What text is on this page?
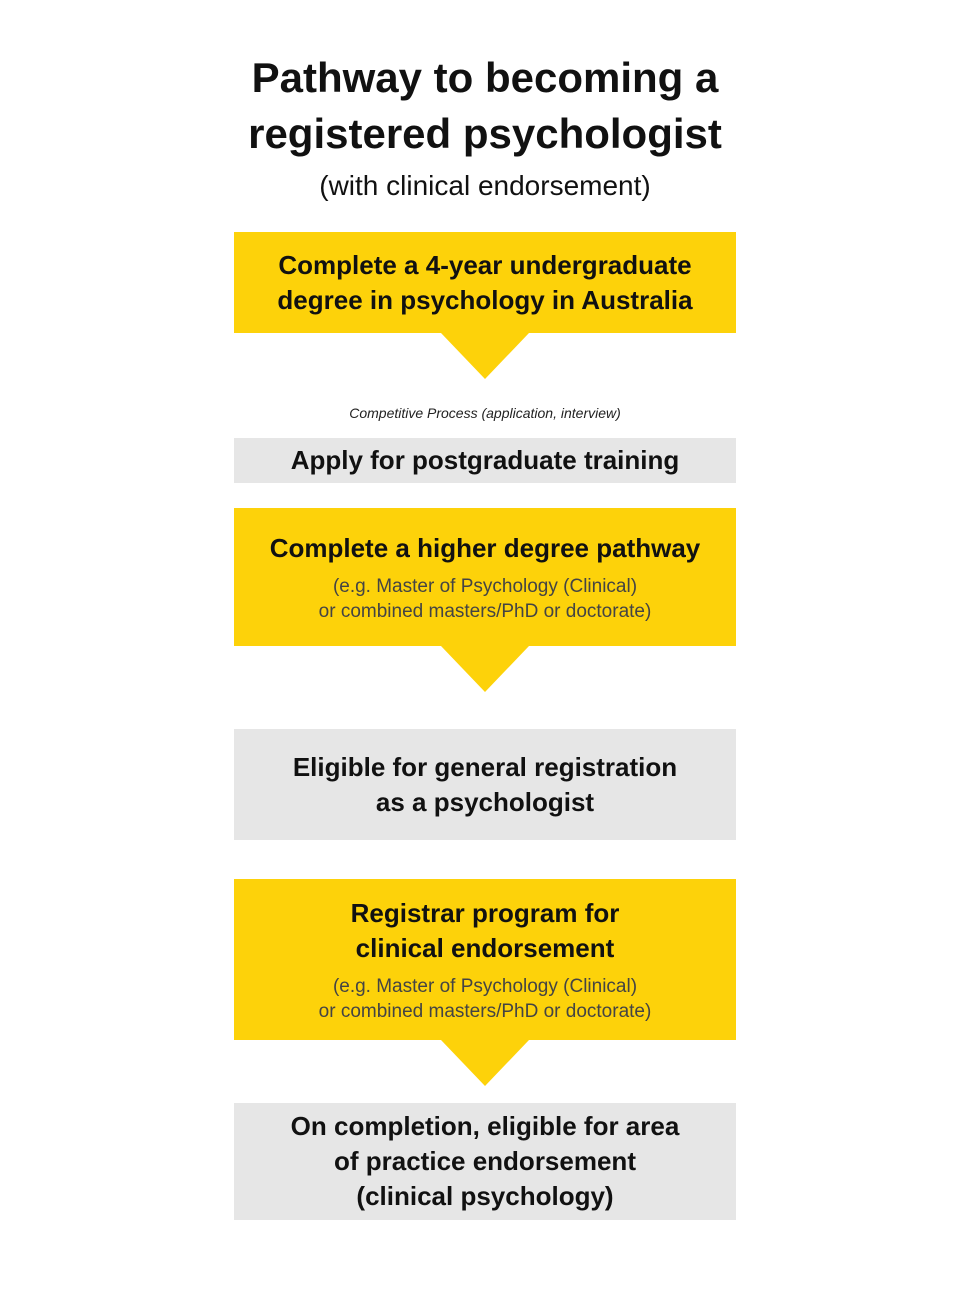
Pathway to becoming a
registered psychologist
(with clinical endorsement)
Complete a 4-year undergraduate
degree in psychology in Australia
Competitive Process (application, interview)
Apply for postgraduate training
Complete a higher degree pathway
(e.g. Master of Psychology (Clinical)
or combined masters/PhD or doctorate)
Eligible for general registration
as a psychologist
Registrar program for
clinical endorsement
(e.g. Master of Psychology (Clinical)
or combined masters/PhD or doctorate)
On completion, eligible for area
of practice endorsement
(clinical psychology)
